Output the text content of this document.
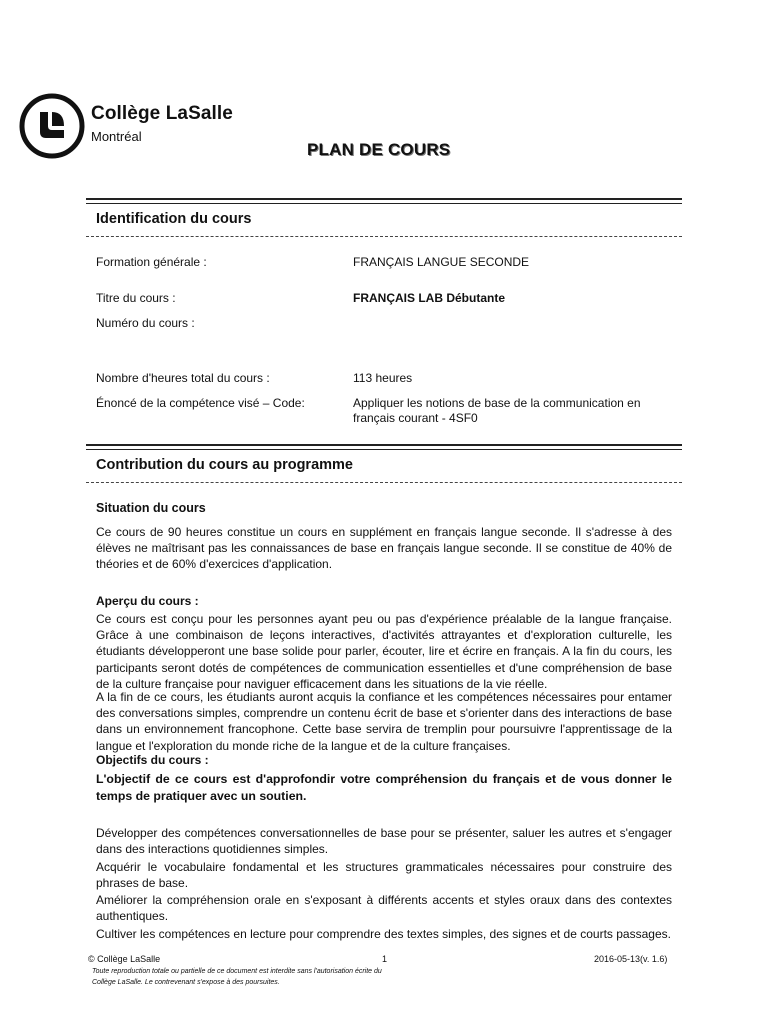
Collège LaSalle
Montréal
PLAN DE COURS
Identification du cours
Formation générale :	FRANÇAIS LANGUE SECONDE
Titre du cours :	FRANÇAIS LAB Débutante
Numéro du cours :
Nombre d'heures total du cours :	113 heures
Énoncé de la compétence visé – Code:	Appliquer les notions de base de la communication en français courant - 4SF0
Contribution du cours au programme
Situation du cours
Ce cours de 90 heures constitue un cours en supplément en français langue seconde. Il s'adresse à des élèves ne maîtrisant pas les connaissances de base en français langue seconde. Il se constitue de 40% de théories et de 60% d'exercices d'application.
Aperçu du cours :
Ce cours est conçu pour les personnes ayant peu ou pas d'expérience préalable de la langue française. Grâce à une combinaison de leçons interactives, d'activités attrayantes et d'exploration culturelle, les étudiants développeront une base solide pour parler, écouter, lire et écrire en français. A la fin du cours, les participants seront dotés de compétences de communication essentielles et d'une compréhension de base de la culture française pour naviguer efficacement dans les situations de la vie réelle.
A la fin de ce cours, les étudiants auront acquis la confiance et les compétences nécessaires pour entamer des conversations simples, comprendre un contenu écrit de base et s'orienter dans des interactions de base dans un environnement francophone. Cette base servira de tremplin pour poursuivre l'apprentissage de la langue et l'exploration du monde riche de la langue et de la culture françaises.
Objectifs du cours :
L'objectif de ce cours est d'approfondir votre compréhension du français et de vous donner le temps de pratiquer avec un soutien.
Développer des compétences conversationnelles de base pour se présenter, saluer les autres et s'engager dans des interactions quotidiennes simples.
Acquérir le vocabulaire fondamental et les structures grammaticales nécessaires pour construire des phrases de base.
Améliorer la compréhension orale en s'exposant à différents accents et styles oraux dans des contextes authentiques.
Cultiver les compétences en lecture pour comprendre des textes simples, des signes et de courts passages.
© Collège LaSalle
Toute reproduction totale ou partielle de ce document est interdite sans l'autorisation écrite du Collège LaSalle. Le contrevenant s'expose à des poursuites.
1	2016-05-13(v. 1.6)
